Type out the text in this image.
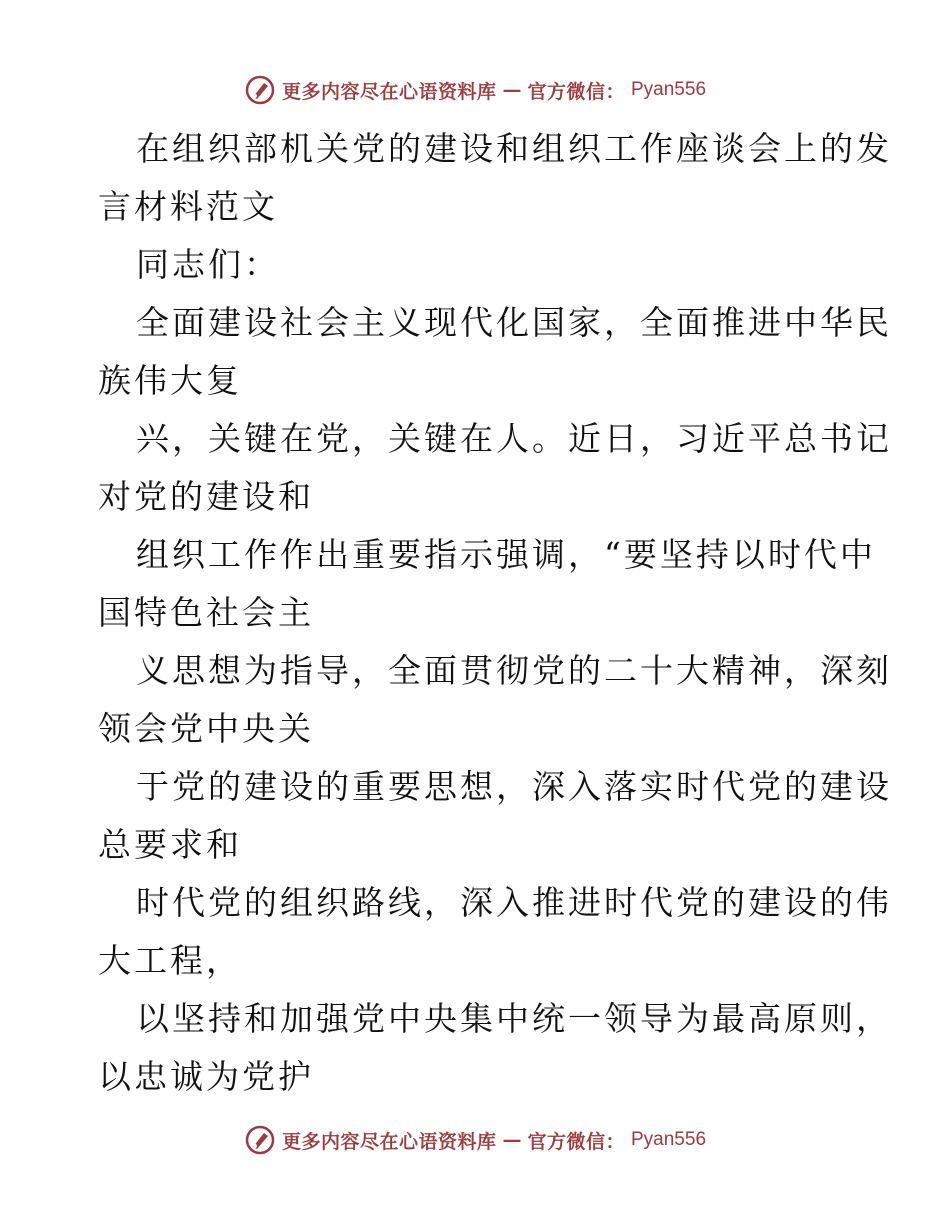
更多内容尽在心语资料库 — 官方微信： Pyan556
在组织部机关党的建设和组织工作座谈会上的发
言材料范文
同志们：
全面建设社会主义现代化国家，全面推进中华民
族伟大复
兴，关键在党，关键在人。近日，习近平总书记
对党的建设和
组织工作作出重要指示强调，“要坚持以时代中
国特色社会主
义思想为指导，全面贯彻党的二十大精神，深刻
领会党中央关
于党的建设的重要思想，深入落实时代党的建设
总要求和
时代党的组织路线，深入推进时代党的建设的伟
大工程，
以坚持和加强党中央集中统一领导为最高原则，
以忠诚为党护
更多内容尽在心语资料库 — 官方微信： Pyan556
